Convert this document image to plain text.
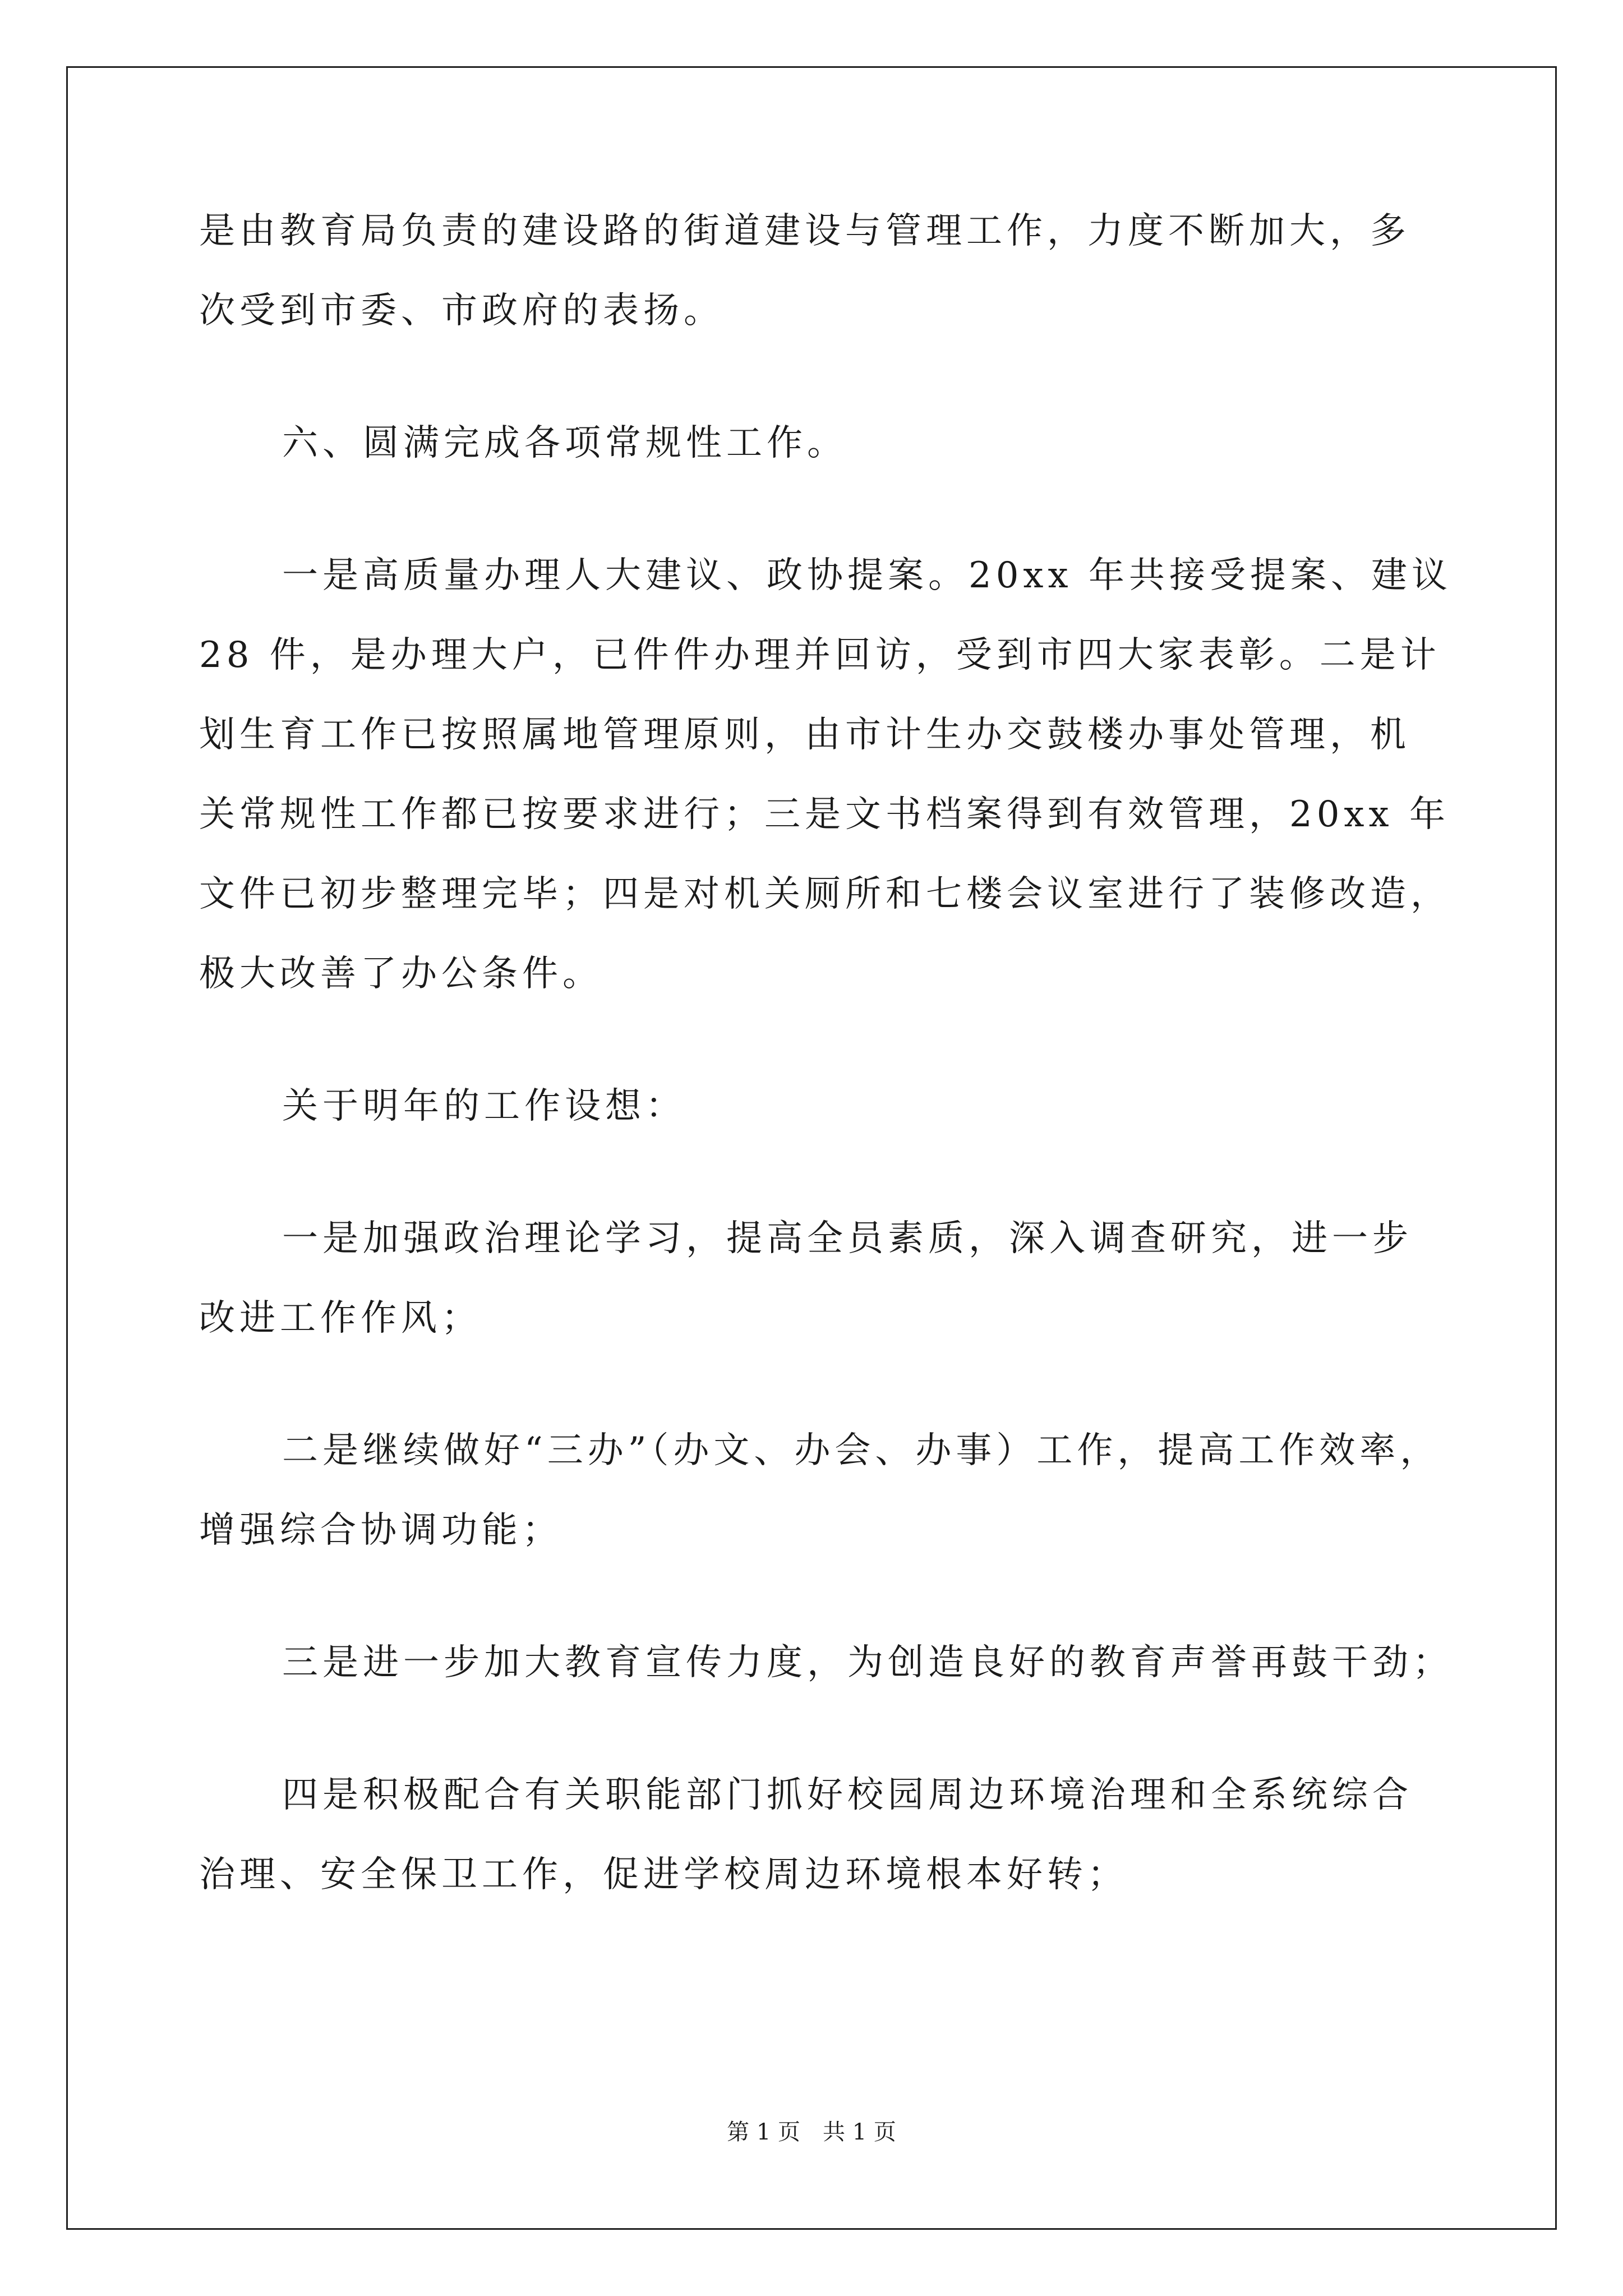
是由教育局负责的建设路的街道建设与管理工作，力度不断加大，多
次受到市委、市政府的表扬。
六、圆满完成各项常规性工作。
一是高质量办理人大建议、政协提案。20xx 年共接受提案、建议
28 件，是办理大户，已件件办理并回访，受到市四大家表彰。二是计
划生育工作已按照属地管理原则，由市计生办交鼓楼办事处管理，机
关常规性工作都已按要求进行；三是文书档案得到有效管理，20xx 年
文件已初步整理完毕；四是对机关厕所和七楼会议室进行了装修改造，
极大改善了办公条件。
关于明年的工作设想：
一是加强政治理论学习，提高全员素质，深入调查研究，进一步
改进工作作风；
二是继续做好“三办”（办文、办会、办事）工作，提高工作效率，
增强综合协调功能；
三是进一步加大教育宣传力度，为创造良好的教育声誉再鼓干劲；
四是积极配合有关职能部门抓好校园周边环境治理和全系统综合
治理、安全保卫工作，促进学校周边环境根本好转；
第 1 页　共 1 页
